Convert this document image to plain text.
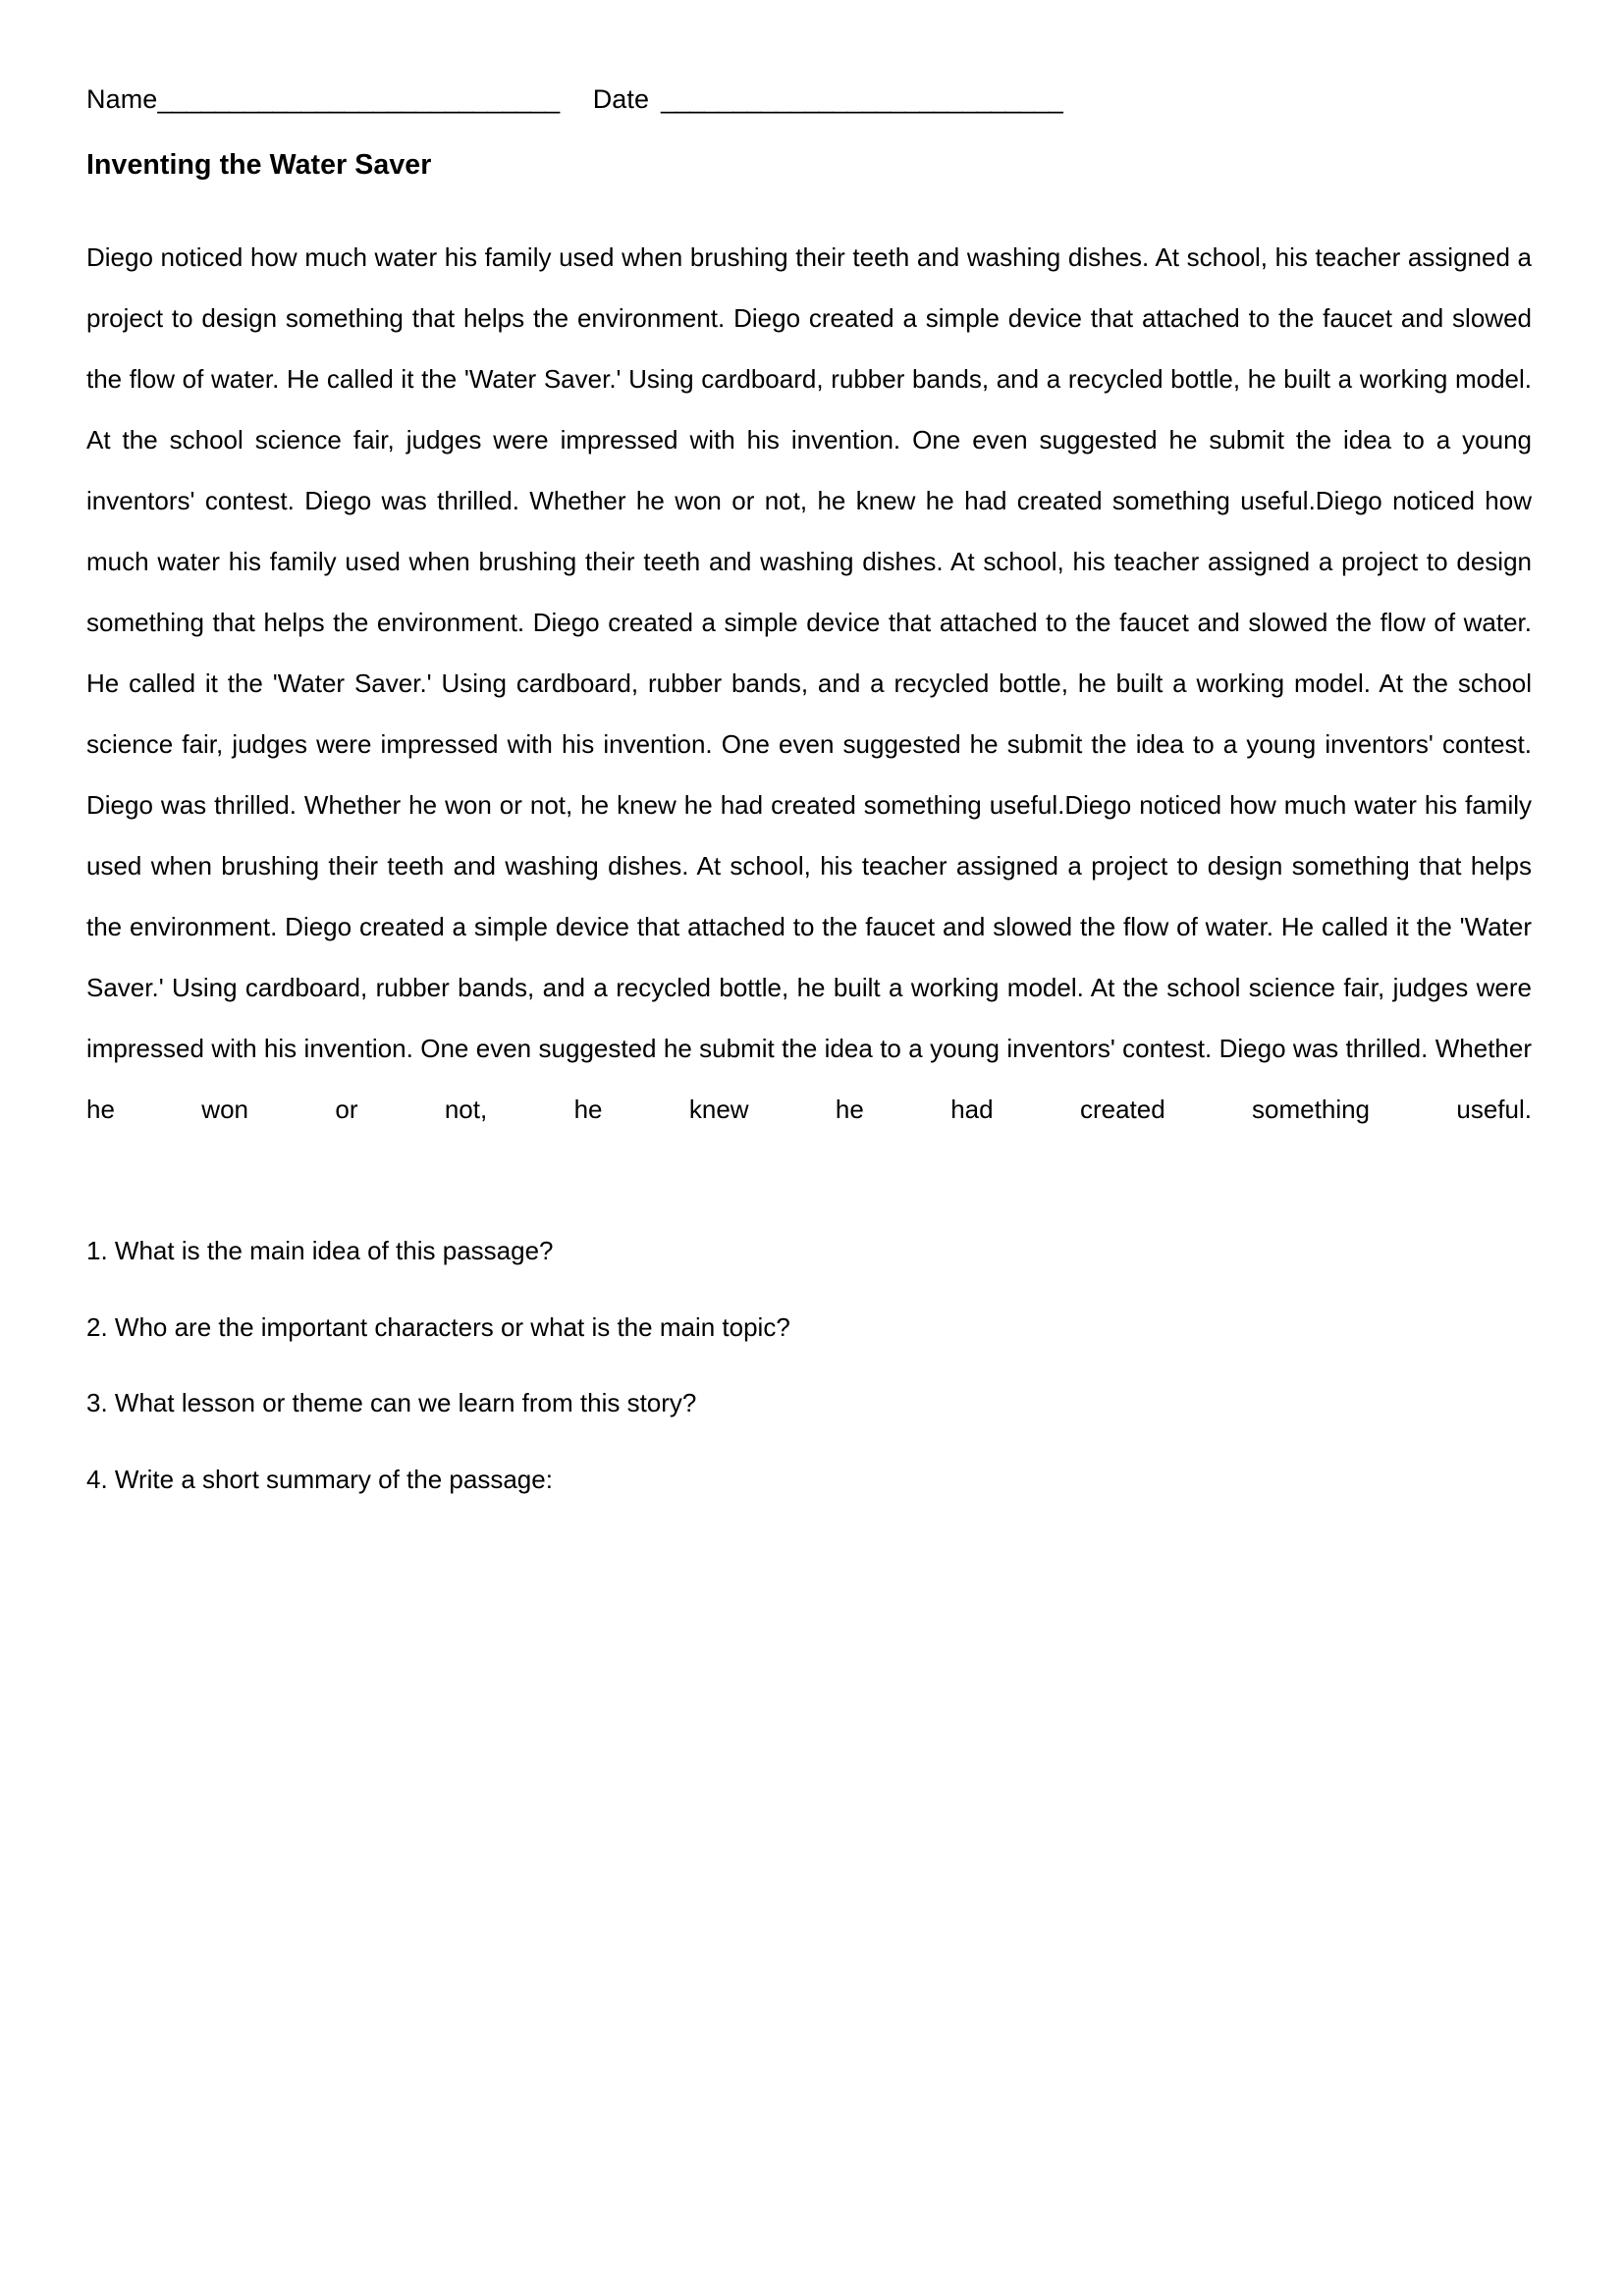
Name ____________________________ Date ____________________________
Inventing the Water Saver
Diego noticed how much water his family used when brushing their teeth and washing dishes. At school, his teacher assigned a project to design something that helps the environment. Diego created a simple device that attached to the faucet and slowed the flow of water. He called it the 'Water Saver.' Using cardboard, rubber bands, and a recycled bottle, he built a working model. At the school science fair, judges were impressed with his invention. One even suggested he submit the idea to a young inventors' contest. Diego was thrilled. Whether he won or not, he knew he had created something useful.Diego noticed how much water his family used when brushing their teeth and washing dishes. At school, his teacher assigned a project to design something that helps the environment. Diego created a simple device that attached to the faucet and slowed the flow of water. He called it the 'Water Saver.' Using cardboard, rubber bands, and a recycled bottle, he built a working model. At the school science fair, judges were impressed with his invention. One even suggested he submit the idea to a young inventors' contest. Diego was thrilled. Whether he won or not, he knew he had created something useful.Diego noticed how much water his family used when brushing their teeth and washing dishes. At school, his teacher assigned a project to design something that helps the environment. Diego created a simple device that attached to the faucet and slowed the flow of water. He called it the 'Water Saver.' Using cardboard, rubber bands, and a recycled bottle, he built a working model. At the school science fair, judges were impressed with his invention. One even suggested he submit the idea to a young inventors' contest. Diego was thrilled. Whether he won or not, he knew he had created something useful.
1. What is the main idea of this passage?
2. Who are the important characters or what is the main topic?
3. What lesson or theme can we learn from this story?
4. Write a short summary of the passage:
